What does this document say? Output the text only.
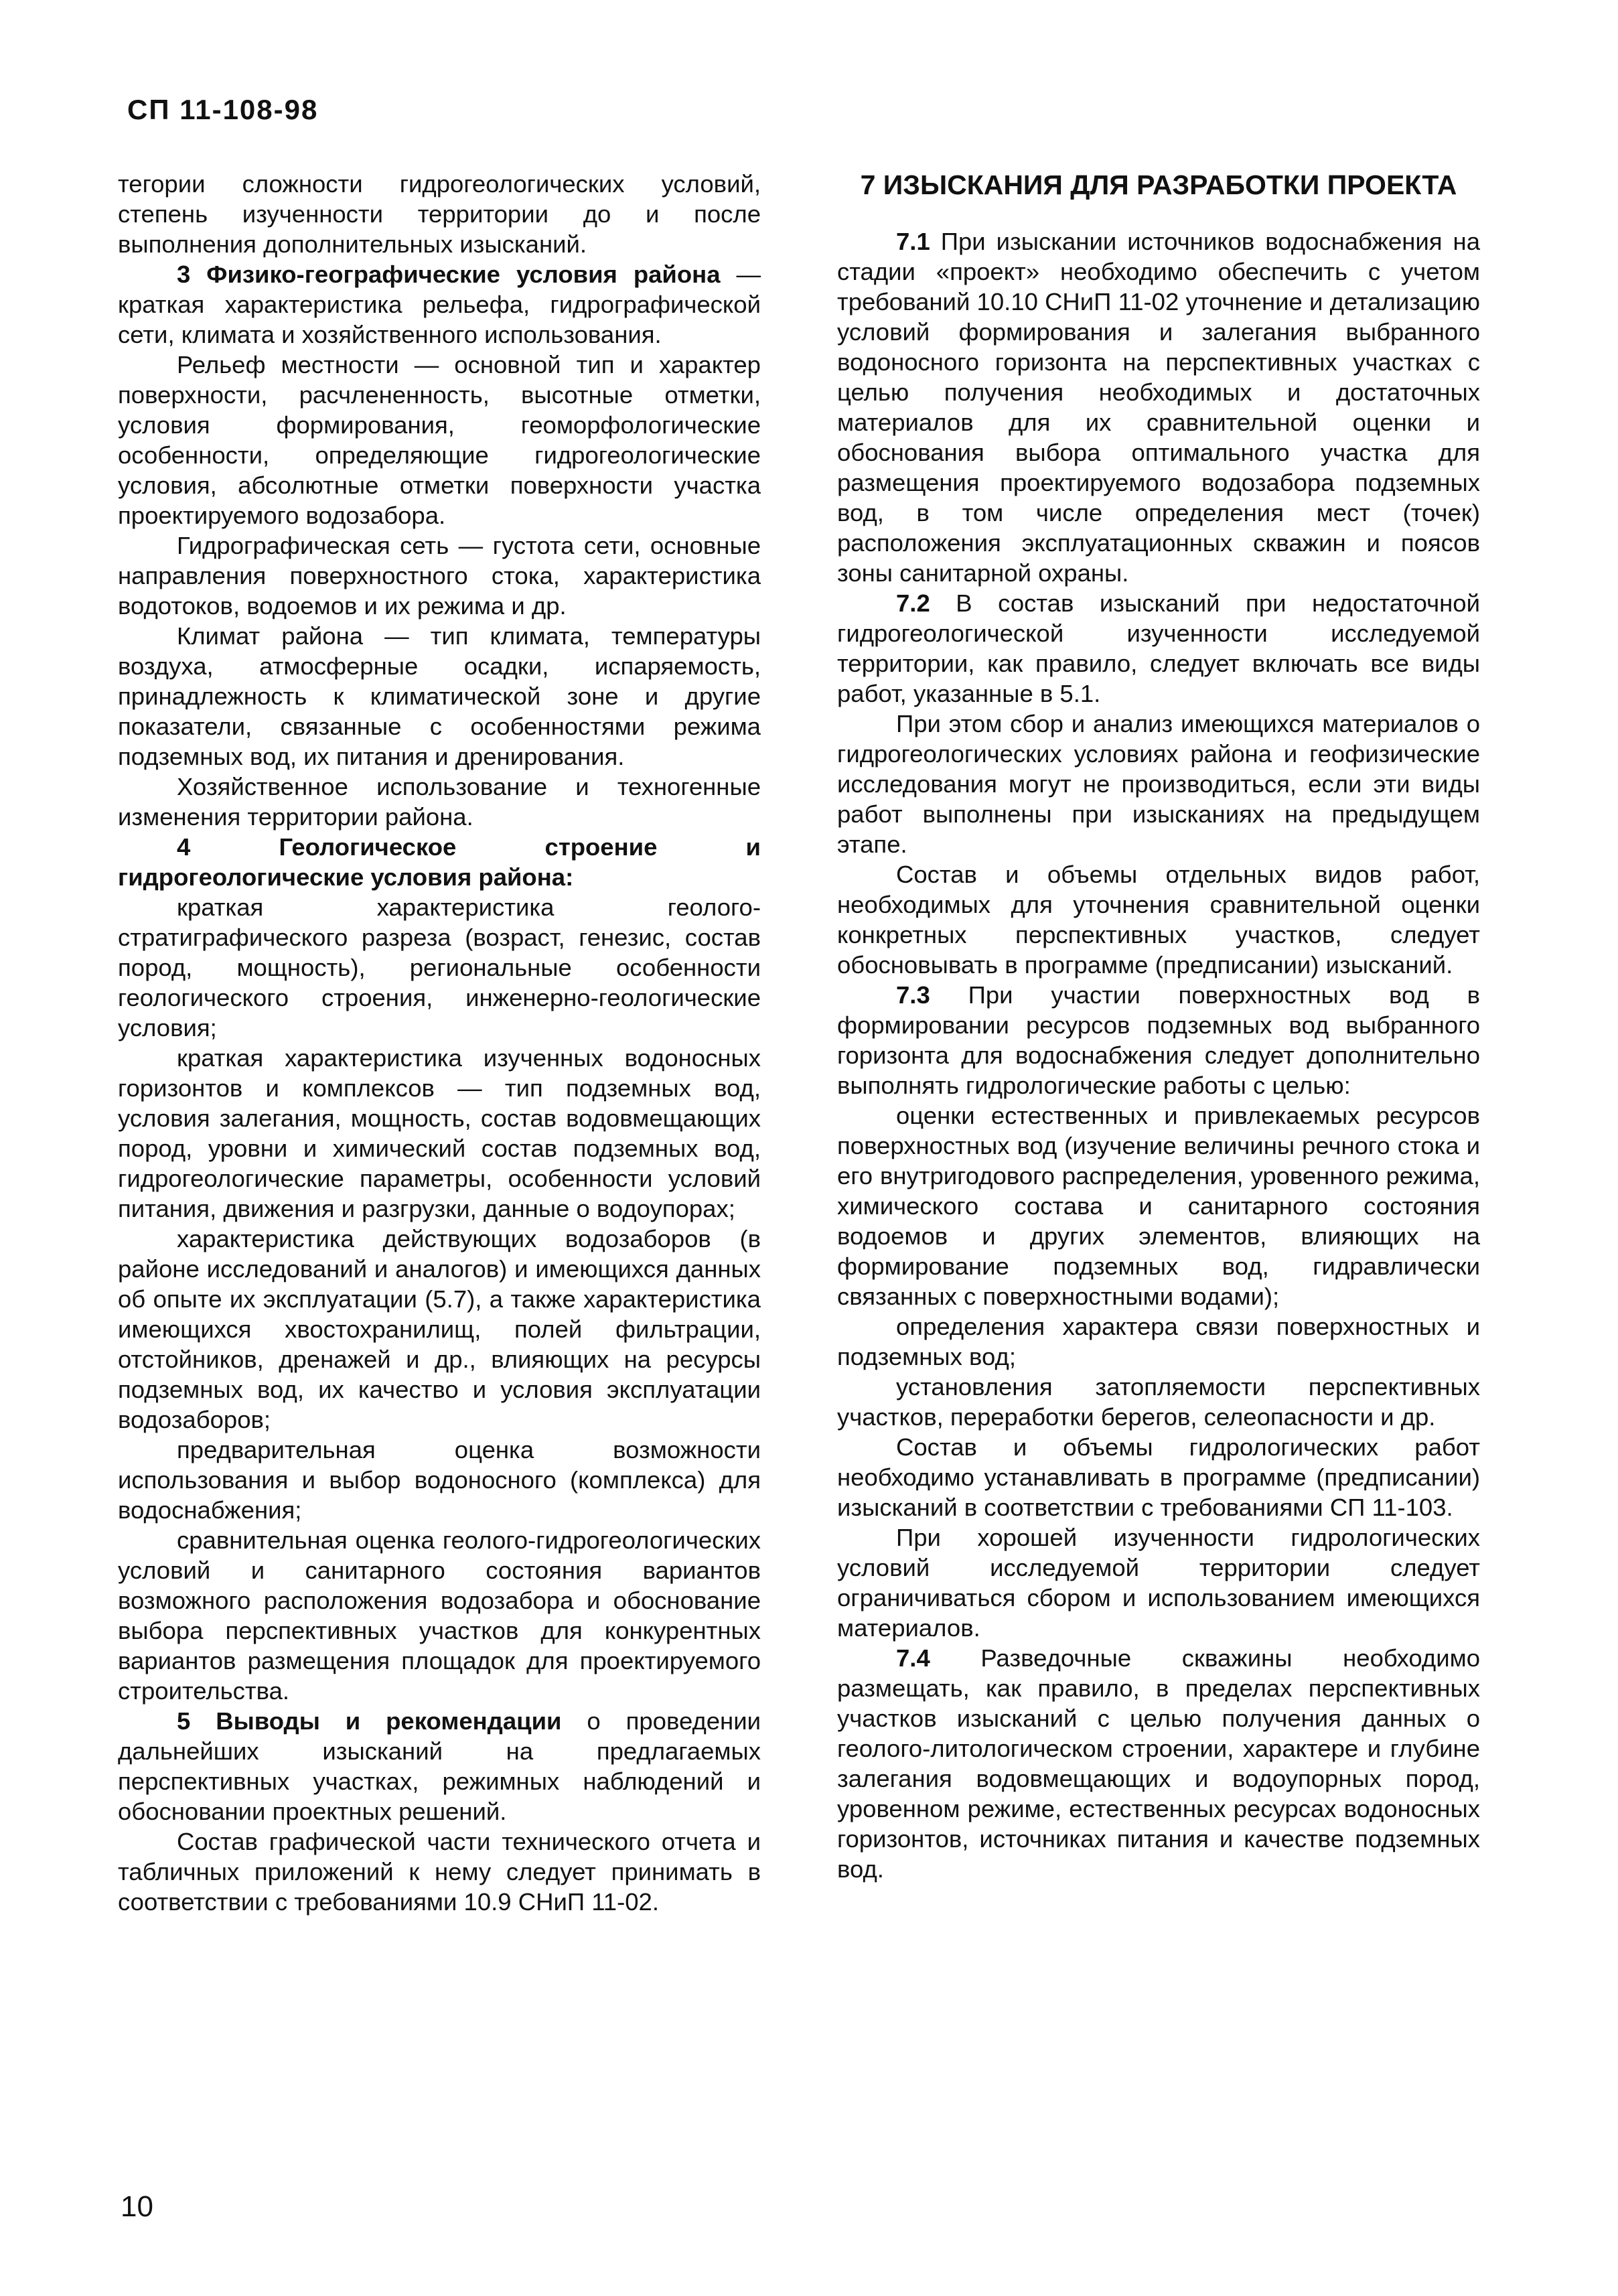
СП 11-108-98

тегории сложности гидрогеологических условий, степень изученности территории до и после выполнения дополнительных изысканий.

3 Физико-географические условия района — краткая характеристика рельефа, гидрографической сети, климата и хозяйственного использования.

Рельеф местности — основной тип и характер поверхности, расчлененность, высотные отметки, условия формирования, геоморфологические особенности, определяющие гидрогеологические условия, абсолютные отметки поверхности участка проектируемого водозабора.

Гидрографическая сеть — густота сети, основные направления поверхностного стока, характеристика водотоков, водоемов и их режима и др.

Климат района — тип климата, температуры воздуха, атмосферные осадки, испаряемость, принадлежность к климатической зоне и другие показатели, связанные с особенностями режима подземных вод, их питания и дренирования.

Хозяйственное использование и техногенные изменения территории района.

4 Геологическое строение и гидрогеологические условия района:

краткая характеристика геолого-стратиграфического разреза (возраст, генезис, состав пород, мощность), региональные особенности геологического строения, инженерно-геологические условия;

краткая характеристика изученных водоносных горизонтов и комплексов — тип подземных вод, условия залегания, мощность, состав водовмещающих пород, уровни и химический состав подземных вод, гидрогеологические параметры, особенности условий питания, движения и разгрузки, данные о водоупорах;

характеристика действующих водозаборов (в районе исследований и аналогов) и имеющихся данных об опыте их эксплуатации (5.7), а также характеристика имеющихся хвостохранилищ, полей фильтрации, отстойников, дренажей и др., влияющих на ресурсы подземных вод, их качество и условия эксплуатации водозаборов;

предварительная оценка возможности использования и выбор водоносного (комплекса) для водоснабжения;

сравнительная оценка геолого-гидрогеологических условий и санитарного состояния вариантов возможного расположения водозабора и обоснование выбора перспективных участков для конкурентных вариантов размещения площадок для проектируемого строительства.

5 Выводы и рекомендации о проведении дальнейших изысканий на предлагаемых перспективных участках, режимных наблюдений и обосновании проектных решений.

Состав графической части технического отчета и табличных приложений к нему следует принимать в соответствии с требованиями 10.9 СНиП 11-02.

7 ИЗЫСКАНИЯ ДЛЯ РАЗРАБОТКИ ПРОЕКТА

7.1 При изыскании источников водоснабжения на стадии «проект» необходимо обеспечить с учетом требований 10.10 СНиП 11-02 уточнение и детализацию условий формирования и залегания выбранного водоносного горизонта на перспективных участках с целью получения необходимых и достаточных материалов для их сравнительной оценки и обоснования выбора оптимального участка для размещения проектируемого водозабора подземных вод, в том числе определения мест (точек) расположения эксплуатационных скважин и поясов зоны санитарной охраны.

7.2 В состав изысканий при недостаточной гидрогеологической изученности исследуемой территории, как правило, следует включать все виды работ, указанные в 5.1.

При этом сбор и анализ имеющихся материалов о гидрогеологических условиях района и геофизические исследования могут не производиться, если эти виды работ выполнены при изысканиях на предыдущем этапе.

Состав и объемы отдельных видов работ, необходимых для уточнения сравнительной оценки конкретных перспективных участков, следует обосновывать в программе (предписании) изысканий.

7.3 При участии поверхностных вод в формировании ресурсов подземных вод выбранного горизонта для водоснабжения следует дополнительно выполнять гидрологические работы с целью:

оценки естественных и привлекаемых ресурсов поверхностных вод (изучение величины речного стока и его внутригодового распределения, уровенного режима, химического состава и санитарного состояния водоемов и других элементов, влияющих на формирование подземных вод, гидравлически связанных с поверхностными водами);

определения характера связи поверхностных и подземных вод;

установления затопляемости перспективных участков, переработки берегов, селеопасности и др.

Состав и объемы гидрологических работ необходимо устанавливать в программе (предписании) изысканий в соответствии с требованиями СП 11-103.

При хорошей изученности гидрологических условий исследуемой территории следует ограничиваться сбором и использованием имеющихся материалов.

7.4 Разведочные скважины необходимо размещать, как правило, в пределах перспективных участков изысканий с целью получения данных о геолого-литологическом строении, характере и глубине залегания водовмещающих и водоупорных пород, уровенном режиме, естественных ресурсах водоносных горизонтов, источниках питания и качестве подземных вод.

10
